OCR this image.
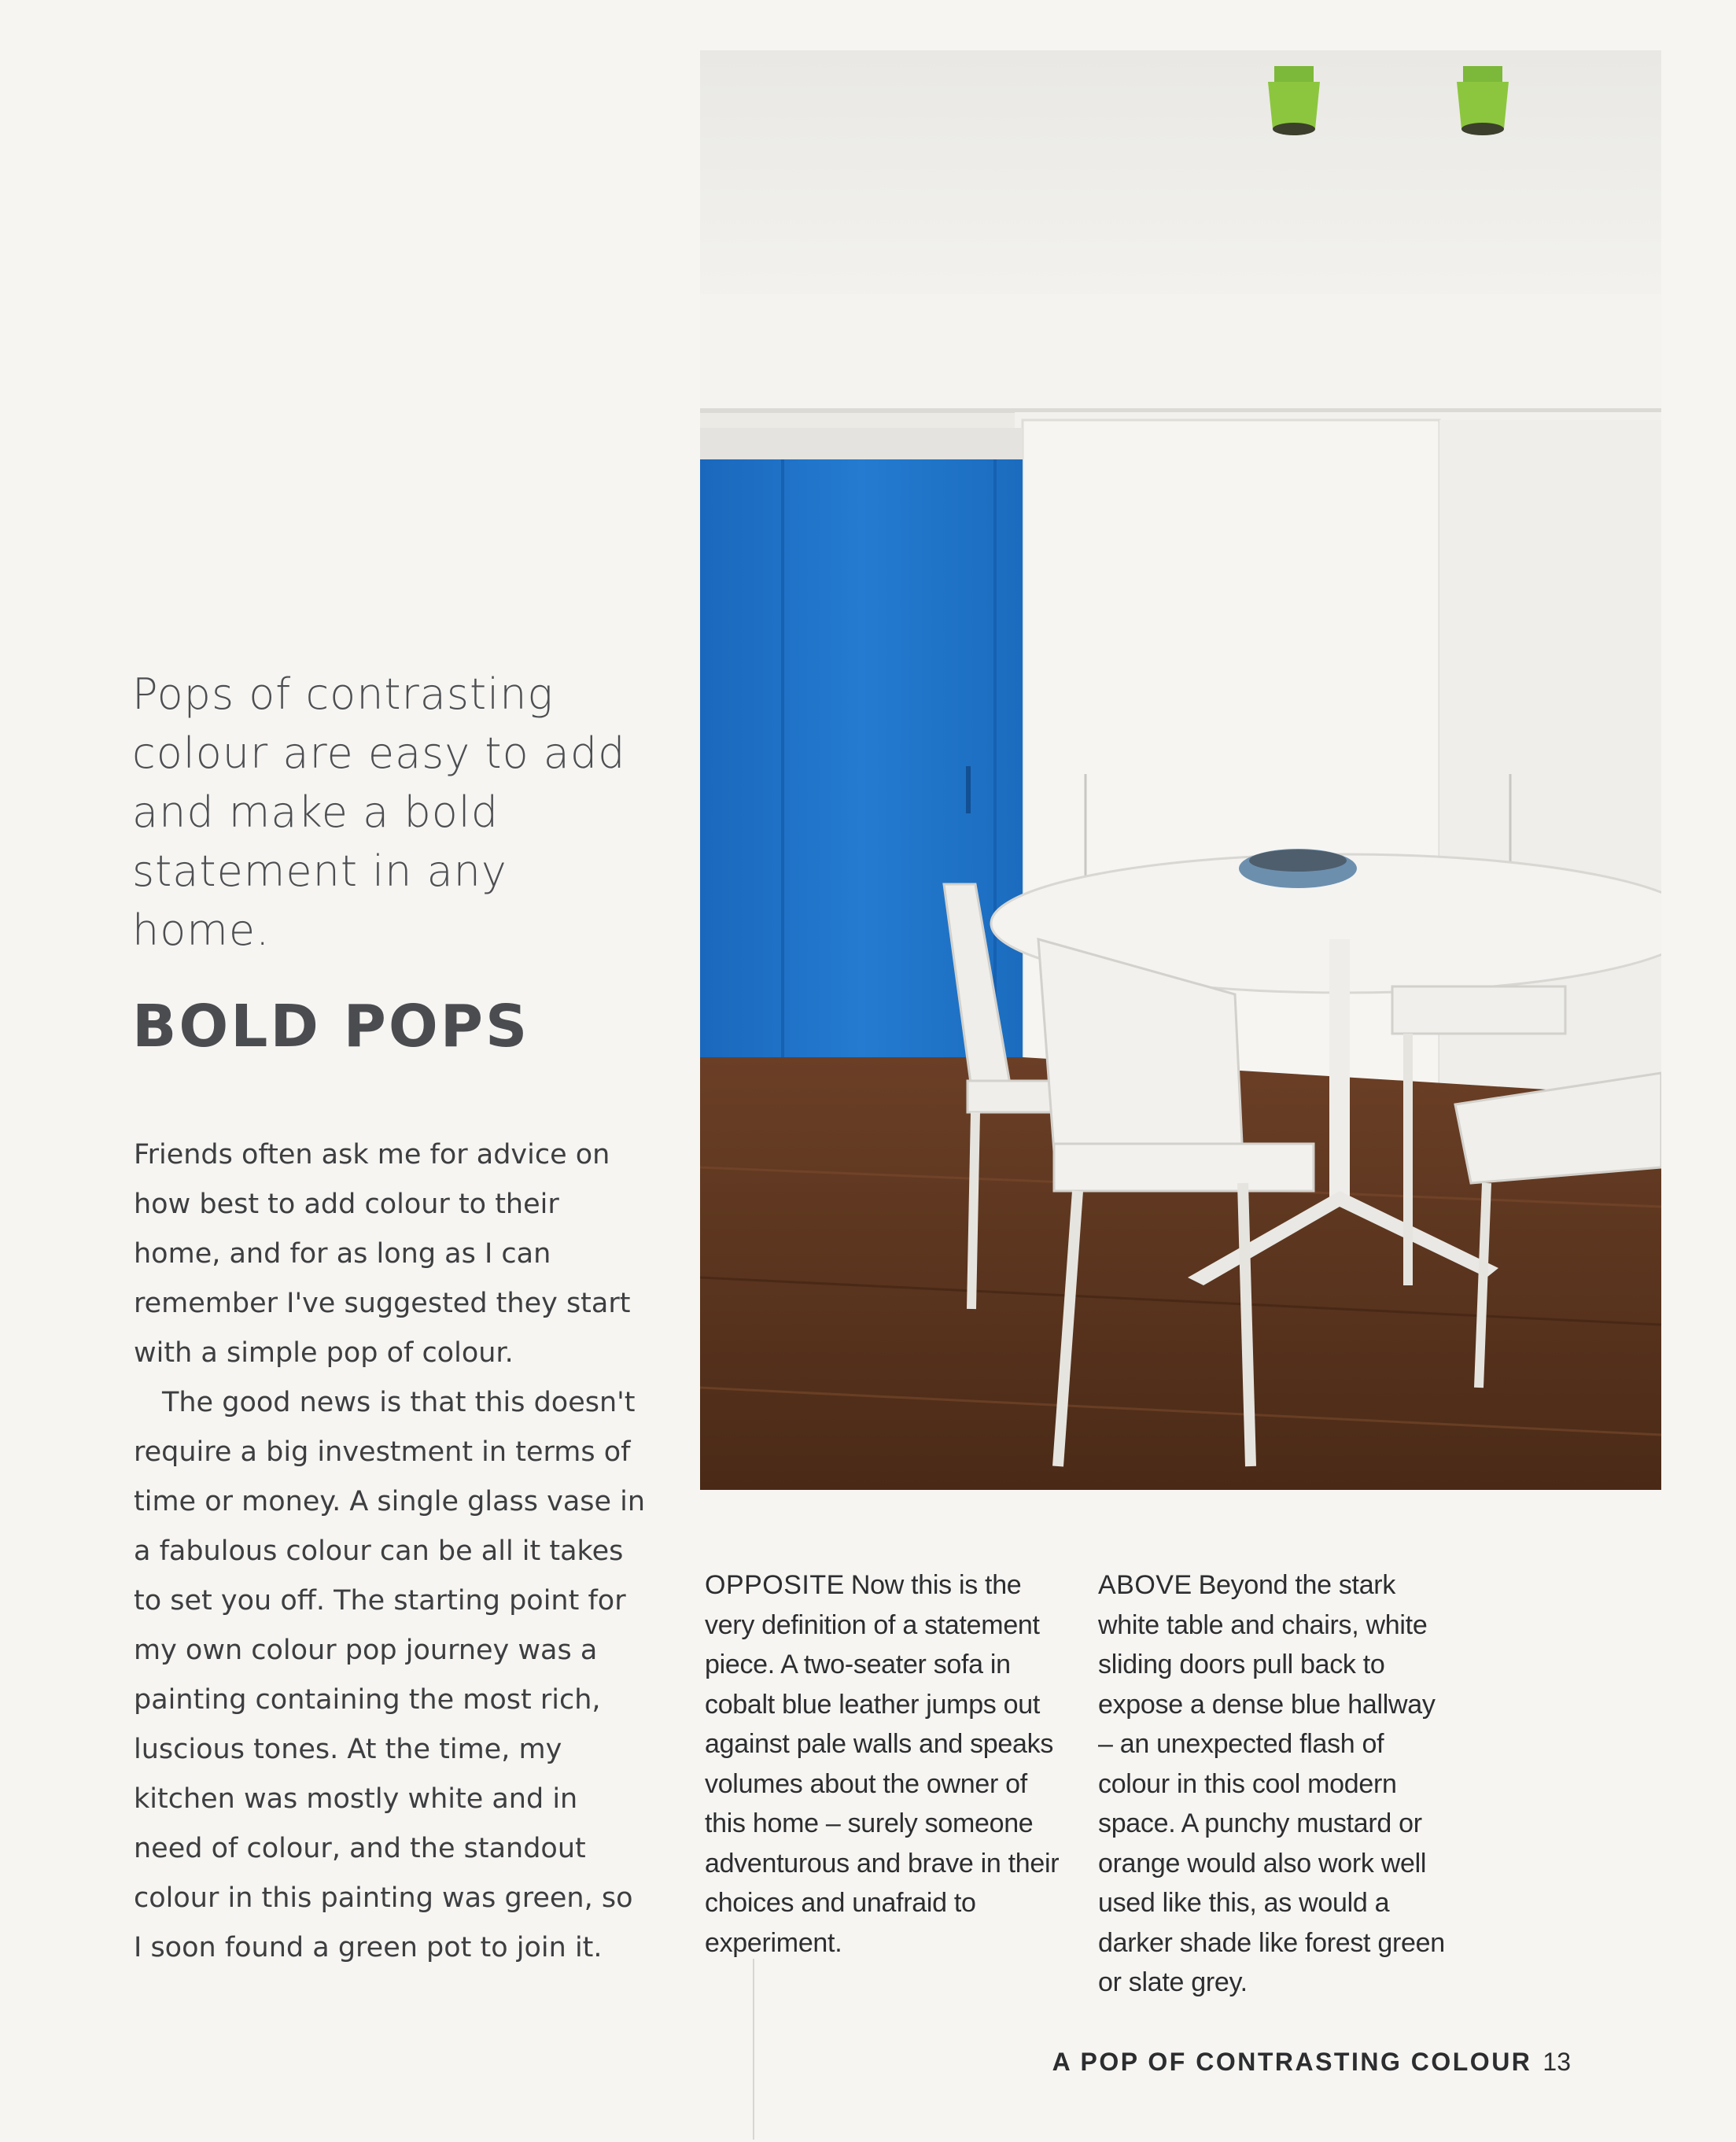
Pops of contrasting colour are easy to add and make a bold statement in any home.

BOLD POPS

Friends often ask me for advice on how best to add colour to their home, and for as long as I can remember I've suggested they start with a simple pop of colour.

The good news is that this doesn't require a big investment in terms of time or money. A single glass vase in a fabulous colour can be all it takes to set you off. The starting point for my own colour pop journey was a painting containing the most rich, luscious tones. At the time, my kitchen was mostly white and in need of colour, and the standout colour in this painting was green, so I soon found a green pot to join it.

OPPOSITE Now this is the very definition of a statement piece. A two-seater sofa in cobalt blue leather jumps out against pale walls and speaks volumes about the owner of this home – surely someone adventurous and brave in their choices and unafraid to experiment.
ABOVE Beyond the stark white table and chairs, white sliding doors pull back to expose a dense blue hallway – an unexpected flash of colour in this cool modern space. A punchy mustard or orange would also work well used like this, as would a darker shade like forest green or slate grey.
A POP OF CONTRASTING COLOUR 13
